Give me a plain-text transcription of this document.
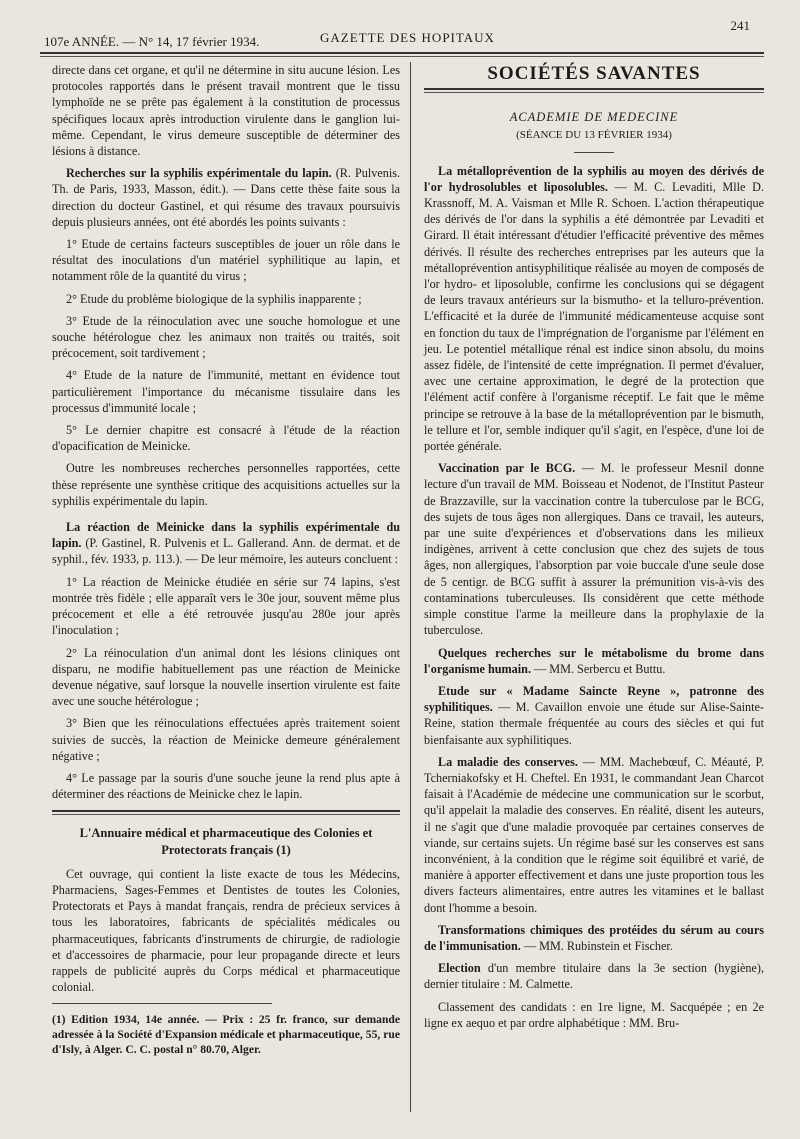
107e ANNÉE. — N° 14, 17 février 1934.	GAZETTE DES HOPITAUX
241

directe dans cet organe, et qu'il ne détermine in situ aucune lésion. Les protocoles rapportés dans le présent travail montrent que le tissu lymphoïde ne se prête pas également à la constitution de processus spécifiques locaux après introduction virulente dans le ganglion lui-même. Cependant, le virus demeure susceptible de déterminer des lésions à distance.

Recherches sur la syphilis expérimentale du lapin. (R. Pulvenis. Th. de Paris, 1933, Masson, édit.). — Dans cette thèse faite sous la direction du docteur Gastinel, et qui résume des travaux poursuivis depuis plusieurs années, ont été abordés les points suivants :

1° Etude de certains facteurs susceptibles de jouer un rôle dans le résultat des inoculations d'un matériel syphilitique au lapin, et notamment rôle de la quantité du virus ;

2° Etude du problème biologique de la syphilis inapparente ;

3° Etude de la réinoculation avec une souche homologue et une souche hétérologue chez les animaux non traités ou traités, soit précocement, soit tardivement ;

4° Etude de la nature de l'immunité, mettant en évidence tout particulièrement l'importance du mécanisme tissulaire dans les processus d'immunité locale ;

5° Le dernier chapitre est consacré à l'étude de la réaction d'opacification de Meinicke.

Outre les nombreuses recherches personnelles rapportées, cette thèse représente une synthèse critique des acquisitions actuelles sur la syphilis expérimentale du lapin.

La réaction de Meinicke dans la syphilis expérimentale du lapin. (P. Gastinel, R. Pulvenis et L. Gallerand. Ann. de dermat. et de syphil., fév. 1933, p. 113.). — De leur mémoire, les auteurs concluent :

1° La réaction de Meinicke étudiée en série sur 74 lapins, s'est montrée très fidèle ; elle apparaît vers le 30e jour, souvent même plus précocement et elle a été retrouvée jusqu'au 280e jour après l'inoculation ;

2° La réinoculation d'un animal dont les lésions cliniques ont disparu, ne modifie habituellement pas une réaction de Meinicke devenue négative, sauf lorsque la nouvelle insertion virulente est faite avec une souche hétérologue ;

3° Bien que les réinoculations effectuées après traitement soient suivies de succès, la réaction de Meinicke demeure généralement négative ;

4° Le passage par la souris d'une souche jeune la rend plus apte à déterminer des réactions de Meinicke chez le lapin.

L'Annuaire médical et pharmaceutique des Colonies et Protectorats français (1)

Cet ouvrage, qui contient la liste exacte de tous les Médecins, Pharmaciens, Sages-Femmes et Dentistes de toutes les Colonies, Protectorats et Pays à mandat français, rendra de précieux services à tous les laboratoires, fabricants de spécialités médicales ou pharmaceutiques, fabricants d'instruments de chirurgie, de radiologie et d'accessoires de pharmacie, pour leur propagande directe et leurs rappels de publicité auprès du Corps médical et pharmaceutique colonial.

(1) Edition 1934, 14e année. — Prix : 25 fr. franco, sur demande adressée à la Société d'Expansion médicale et pharmaceutique, 55, rue d'Isly, à Alger. C. C. postal n° 80.70, Alger.

SOCIÉTÉS SAVANTES
ACADEMIE DE MEDECINE
(SÉANCE DU 13 FÉVRIER 1934)

La métalloprévention de la syphilis au moyen des dérivés de l'or hydrosolubles et liposolubles. — M. C. Levaditi, Mlle D. Krassnoff, M. A. Vaisman et Mlle R. Schoen. L'action thérapeutique des dérivés de l'or dans la syphilis a été démontrée par Levaditi et Girard. Il était intéressant d'étudier l'efficacité préventive des mêmes dérivés. Il résulte des recherches entreprises par les auteurs que la métalloprévention antisyphilitique réalisée au moyen de composés de l'or hydro- et liposoluble, confirme les conclusions qui se dégagent de leurs travaux antérieurs sur la bismutho- et la telluro-prévention. L'efficacité et la durée de l'immunité médicamenteuse acquise sont en fonction du taux de l'imprégnation de l'organisme par l'élément en jeu. Le potentiel métallique rénal est indice sinon absolu, du moins assez fidèle, de l'intensité de cette imprégnation. Il permet d'évaluer, avec une certaine approximation, le degré de la protection que l'élément actif confère à l'organisme réceptif. Le fait que le même principe se retrouve à la base de la métalloprévention par le bismuth, le tellure et l'or, semble indiquer qu'il s'agit, en l'espèce, d'une loi de portée générale.

Vaccination par le BCG. — M. le professeur Mesnil donne lecture d'un travail de MM. Boisseau et Nodenot, de l'Institut Pasteur de Brazzaville, sur la vaccination contre la tuberculose par le BCG, des sujets de tous âges non allergiques. Dans ce travail, les auteurs, par une suite d'expériences et d'observations dans les milieux indigènes, arrivent à cette conclusion que chez des sujets de tous âges, non allergiques, l'absorption par voie buccale d'une seule dose de 5 centigr. de BCG suffit à assurer la prémunition vis-à-vis des contaminations tuberculeuses. Ils considèrent que cette méthode simple constitue l'arme la meilleure dans la prophylaxie de la tuberculose.

Quelques recherches sur le métabolisme du brome dans l'organisme humain. — MM. Serbercu et Buttu.

Etude sur « Madame Saincte Reyne », patronne des syphilitiques. — M. Cavaillon envoie une étude sur Alise-Sainte-Reine, station thermale fréquentée au cours des siècles et qui fut bienfaisante aux syphilitiques.

La maladie des conserves. — MM. Machebœuf, C. Méauté, P. Tcherniakofsky et H. Cheftel. En 1931, le commandant Jean Charcot faisait à l'Académie de médecine une communication sur le scorbut, qu'il appelait la maladie des conserves. En réalité, disent les auteurs, il ne s'agit que d'une maladie provoquée par certaines conserves de viande, sur certains sujets. Un régime basé sur les conserves est sans inconvénient, à la condition que le régime soit équilibré et varié, de manière à apporter effectivement et dans une juste proportion tous les divers facteurs alimentaires, entre autres les vitamines et le ballast dont l'homme a besoin.

Transformations chimiques des protéides du sérum au cours de l'immunisation. — MM. Rubinstein et Fischer.

Election d'un membre titulaire dans la 3e section (hygiène), dernier titulaire : M. Calmette.

Classement des candidats : en 1re ligne, M. Sacquépée ; en 2e ligne ex aequo et par ordre alphabétique : MM. Bru-
